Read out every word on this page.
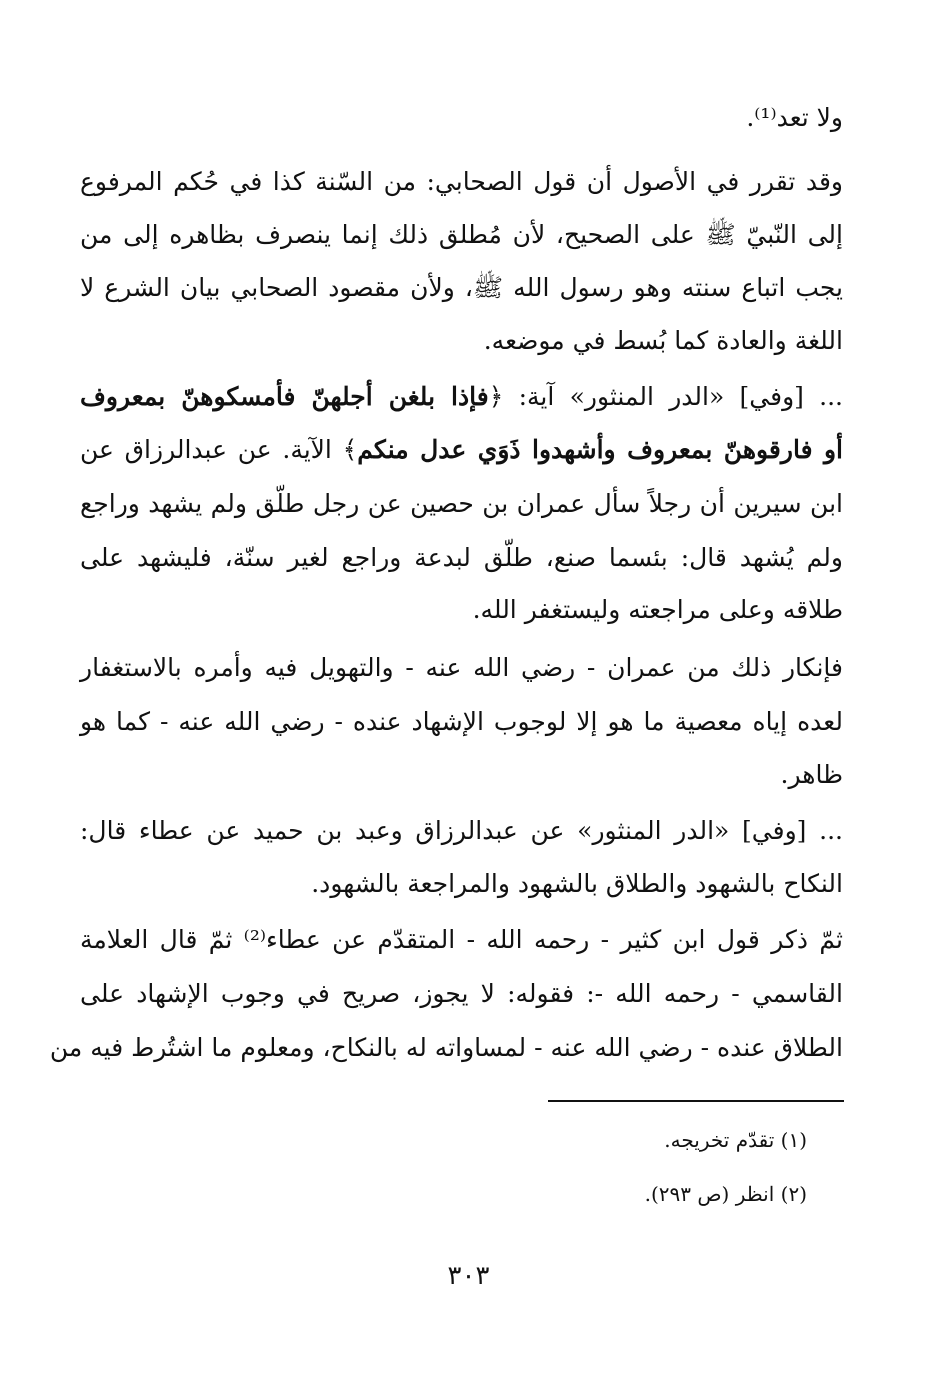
ولا تعد⁽¹⁾.
وقد تقرر في الأصول أن قول الصحابي: من السّنة كذا في حُكم المرفوع
إلى النّبيّ ﷺ على الصحيح، لأن مُطلق ذلك إنما ينصرف بظاهره إلى من
يجب اتباع سنته وهو رسول الله ﷺ، ولأن مقصود الصحابي بيان الشرع لا
اللغة والعادة كما بُسط في موضعه.
... [وفي] «الدر المنثور» آية: ﴿فإذا بلغن أجلهنّ فأمسكوهنّ بمعروف
أو فارقوهنّ بمعروف وأشهدوا ذَوَي عدل منكم﴾ الآية. عن عبدالرزاق عن
ابن سيرين أن رجلاً سأل عمران بن حصين عن رجل طلّق ولم يشهد وراجع
ولم يُشهد قال: بئسما صنع، طلّق لبدعة وراجع لغير سنّة، فليشهد على
طلاقه وعلى مراجعته وليستغفر الله.
فإنكار ذلك من عمران - رضي الله عنه - والتهويل فيه وأمره بالاستغفار
لعده إياه معصية ما هو إلا لوجوب الإشهاد عنده - رضي الله عنه - كما هو
ظاهر.
... [وفي] «الدر المنثور» عن عبدالرزاق وعبد بن حميد عن عطاء قال:
النكاح بالشهود والطلاق بالشهود والمراجعة بالشهود.
ثمّ ذكر قول ابن كثير - رحمه الله - المتقدّم عن عطاء⁽²⁾ ثمّ قال العلامة
القاسمي - رحمه الله -: فقوله: لا يجوز، صريح في وجوب الإشهاد على
الطلاق عنده - رضي الله عنه - لمساواته له بالنكاح، ومعلوم ما اشتُرط فيه من
(١) تقدّم تخريجه.
(٢) انظر (ص ٢٩٣).
٣٠٣
